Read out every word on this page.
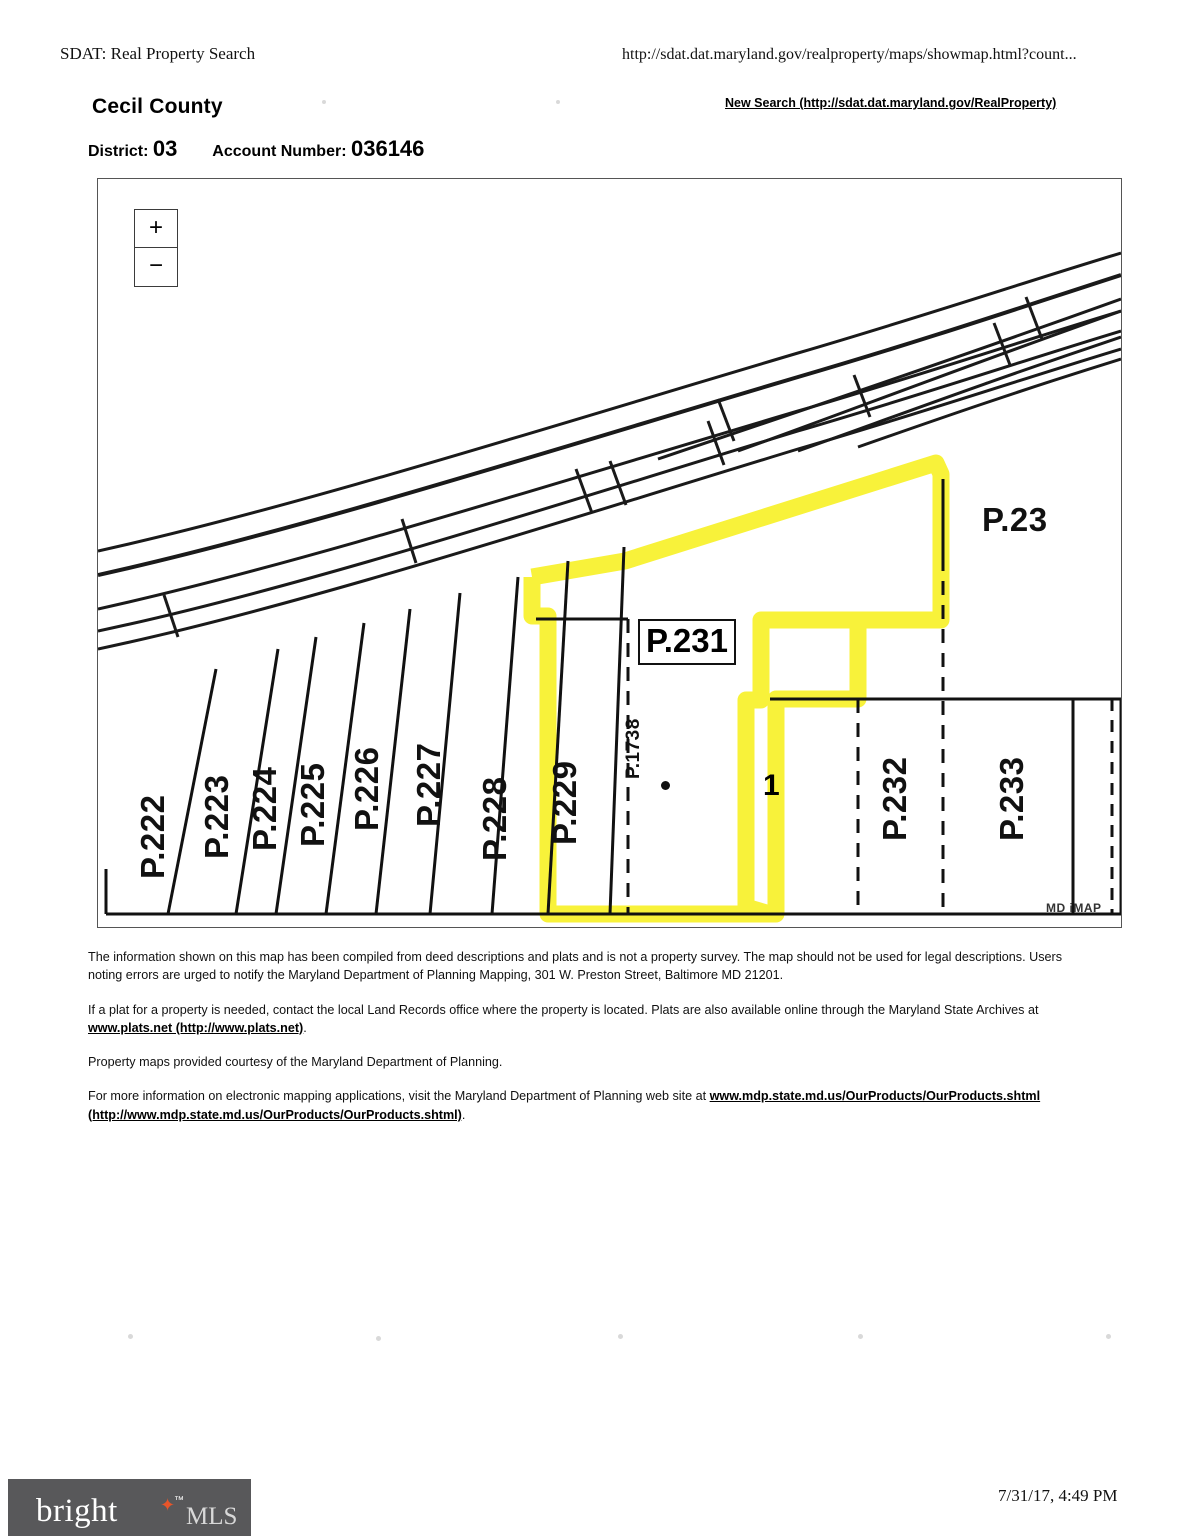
SDAT: Real Property Search	http://sdat.dat.maryland.gov/realproperty/maps/showmap.html?count...
Cecil County	New Search (http://sdat.dat.maryland.gov/RealProperty)
District: 03 Account Number: 036146
+
−
P.222 P.223 P.224 P.225 P.226 P.227 P.228 P.229	P.232 P.233
P.23
P.231
P.1738
1
MD iMAP

The information shown on this map has been compiled from deed descriptions and plats and is not a property survey. The map should not be used for legal descriptions. Users noting errors are urged to notify the Maryland Department of Planning Mapping, 301 W. Preston Street, Baltimore MD 21201.

If a plat for a property is needed, contact the local Land Records office where the property is located. Plats are also available online through the Maryland State Archives at www.plats.net (http://www.plats.net).

Property maps provided courtesy of the Maryland Department of Planning.

For more information on electronic mapping applications, visit the Maryland Department of Planning web site at www.mdp.state.md.us/OurProducts/OurProducts.shtml (http://www.mdp.state.md.us/OurProducts/OurProducts.shtml).

bright ✦
™
MLS
7/31/17, 4:49 PM
